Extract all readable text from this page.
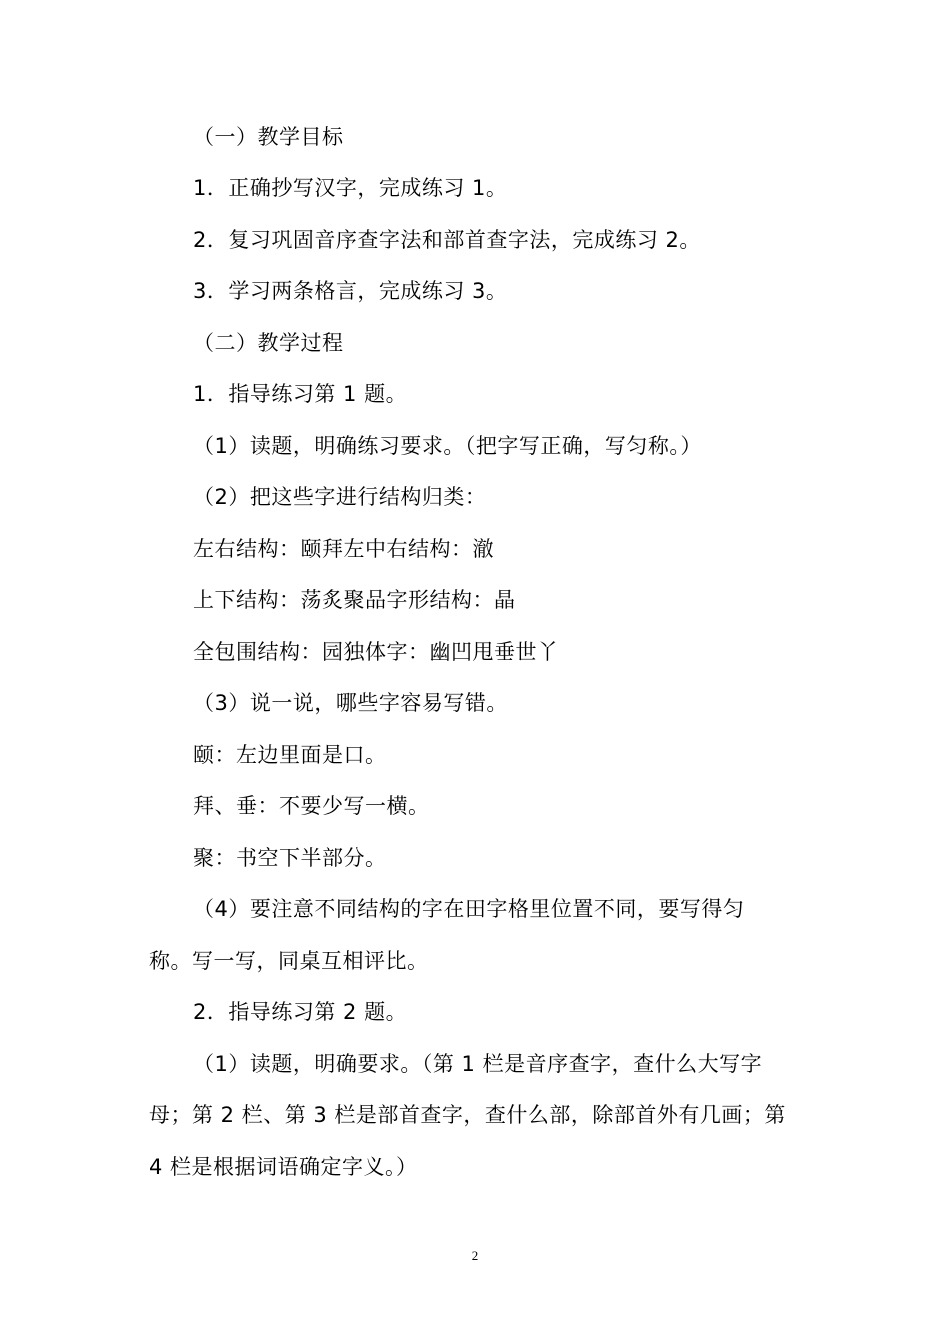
（一）教学目标
1．正确抄写汉字，完成练习 1。
2．复习巩固音序查字法和部首查字法，完成练习 2。
3．学习两条格言，完成练习 3。
（二）教学过程
1．指导练习第 1 题。
（1）读题，明确练习要求。（把字写正确，写匀称。）
（2）把这些字进行结构归类：
左右结构：颐拜左中右结构：澈
上下结构：荡炙聚品字形结构：晶
全包围结构：园独体字：幽凹甩垂世丫
（3）说一说，哪些字容易写错。
颐：左边里面是口。
拜、垂：不要少写一横。
聚：书空下半部分。
（4）要注意不同结构的字在田字格里位置不同，要写得匀
称。写一写，同桌互相评比。
2．指导练习第 2 题。
（1）读题，明确要求。（第 1 栏是音序查字，查什么大写字
母；第 2 栏、第 3 栏是部首查字，查什么部，除部首外有几画；第
4 栏是根据词语确定字义。）
2
